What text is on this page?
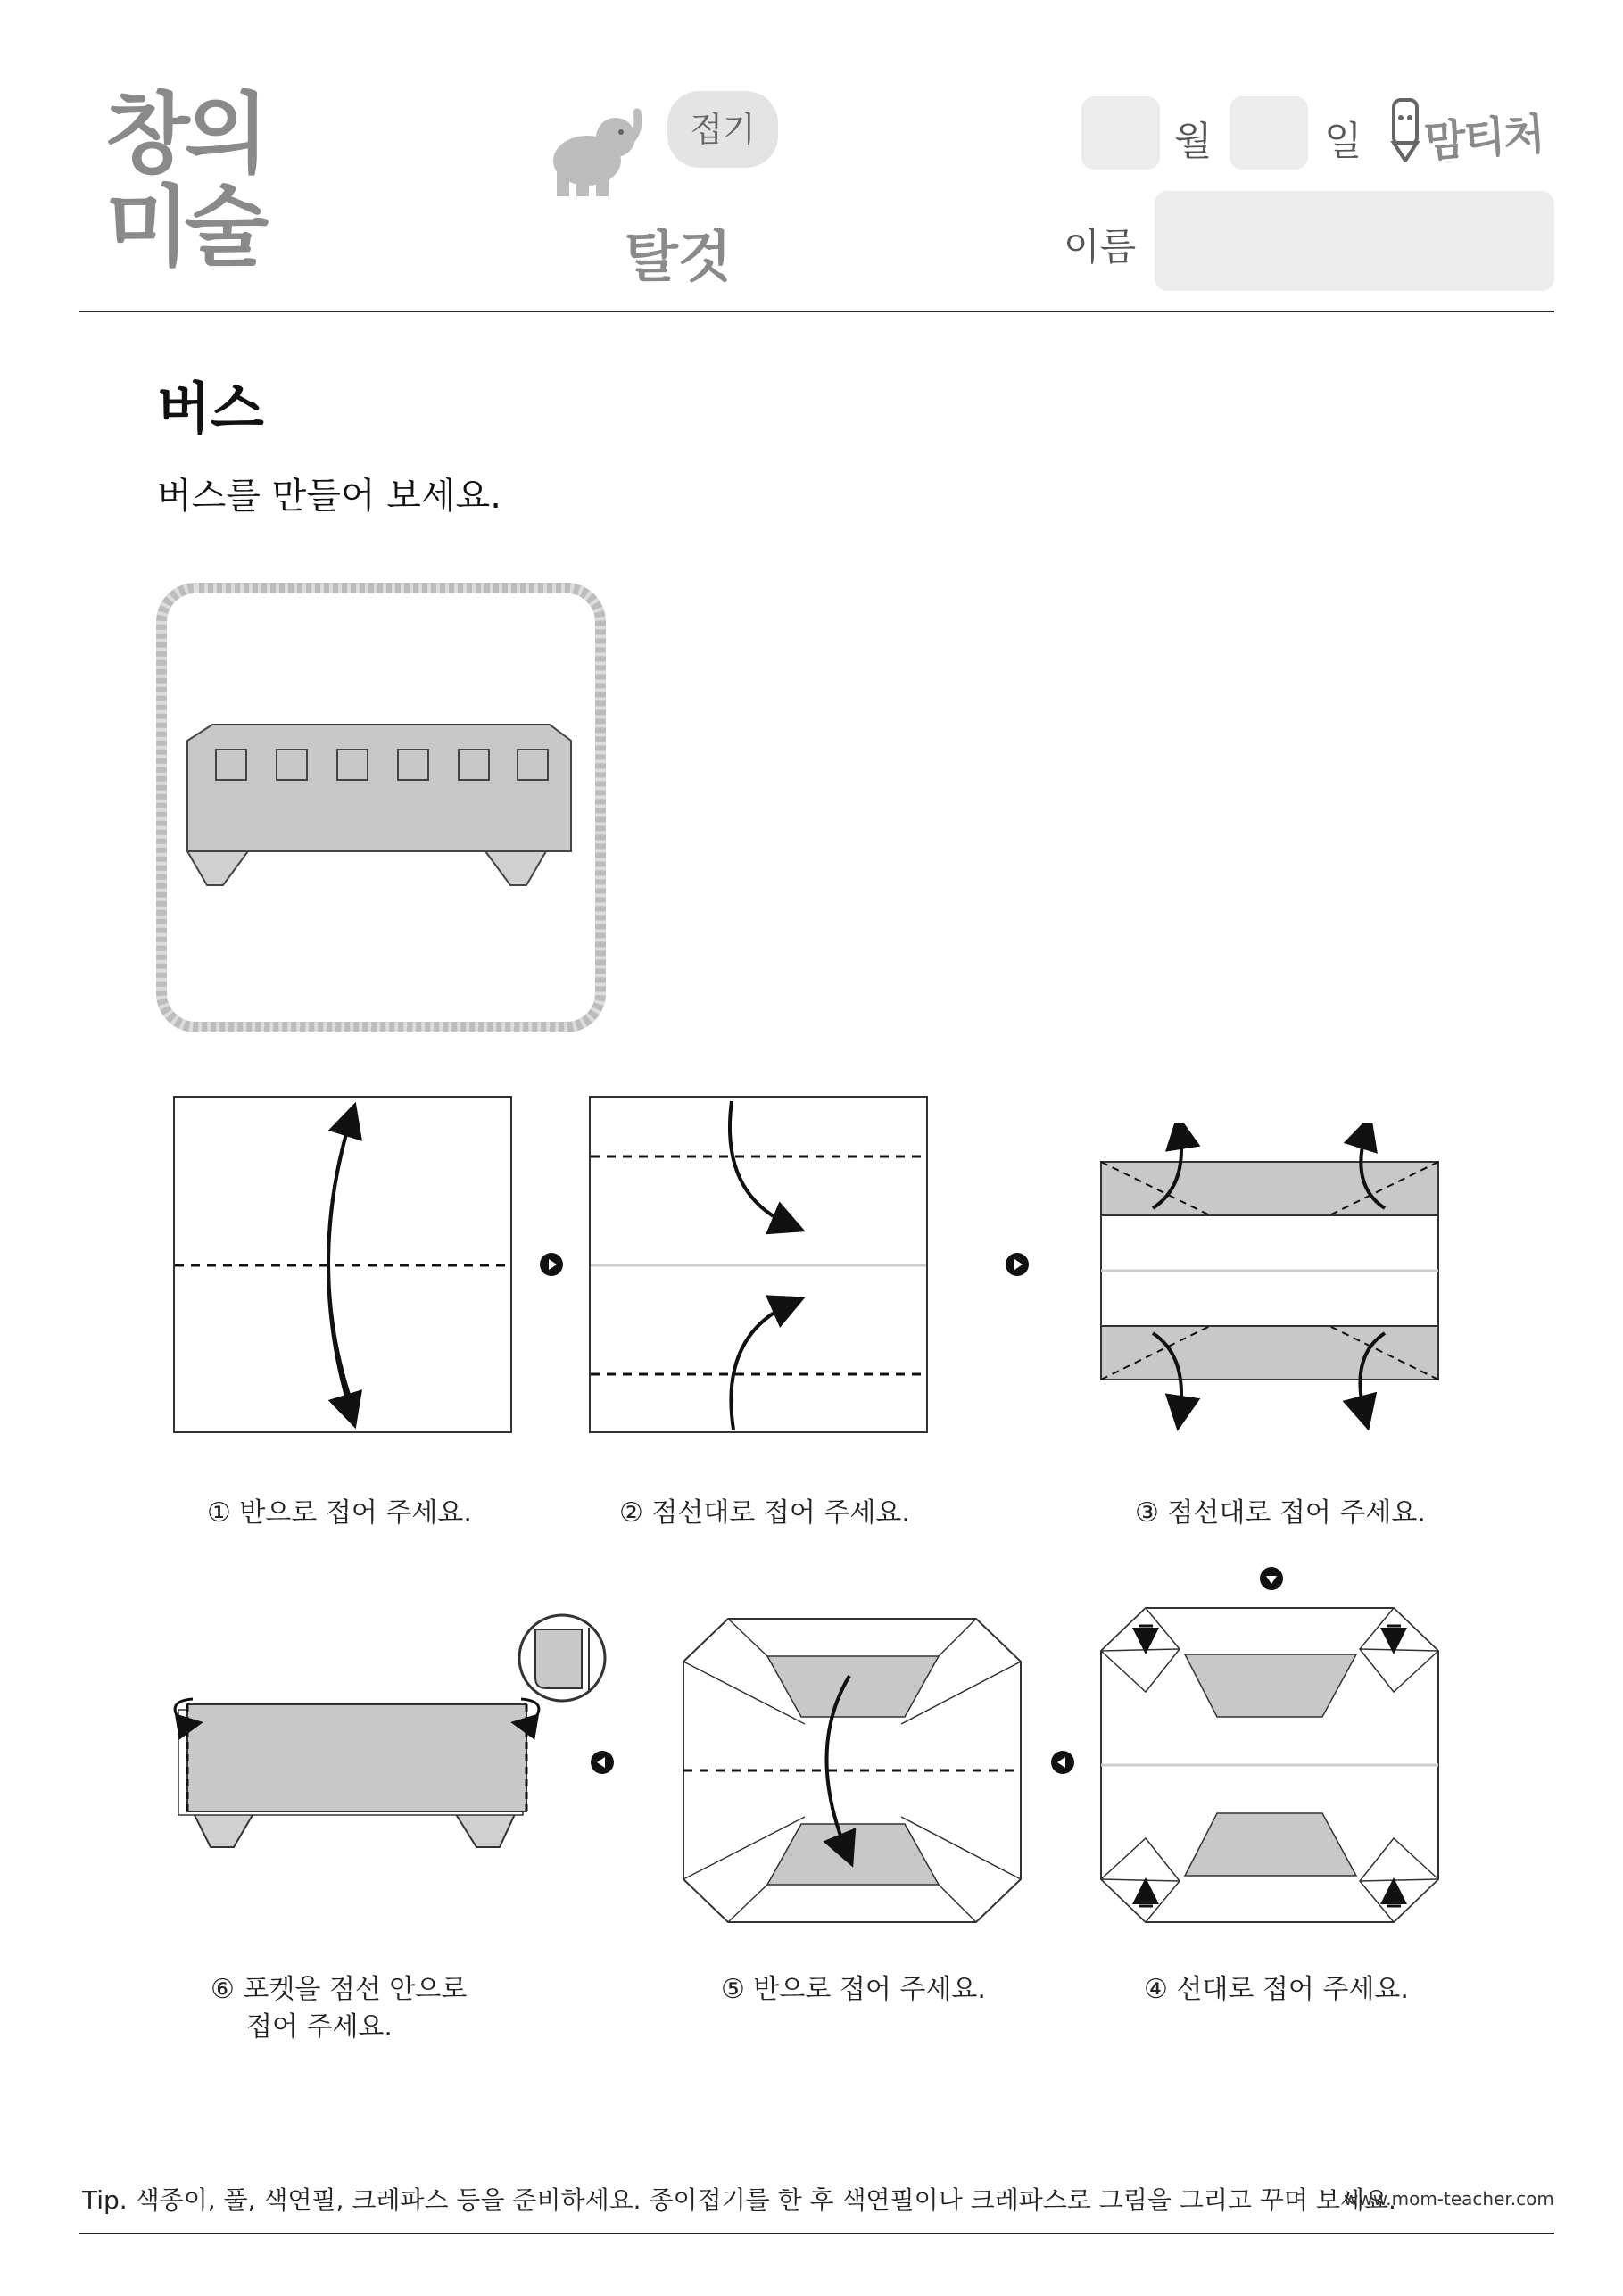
창의
미술
접기
탈것
월	일 맘티처
이름
버스
버스를 만들어 보세요.
① 반으로 접어 주세요.	② 점선대로 접어 주세요.	③ 점선대로 접어 주세요.
④ 선대로 접어 주세요.
⑤ 반으로 접어 주세요.
⑥ 포켓을 점선 안으로
접어 주세요.
Tip. 색종이, 풀, 색연필, 크레파스 등을 준비하세요. 종이접기를 한 후 색연필이나 크레파스로 그림을 그리고 꾸며 보세요.
www.mom-teacher.com
